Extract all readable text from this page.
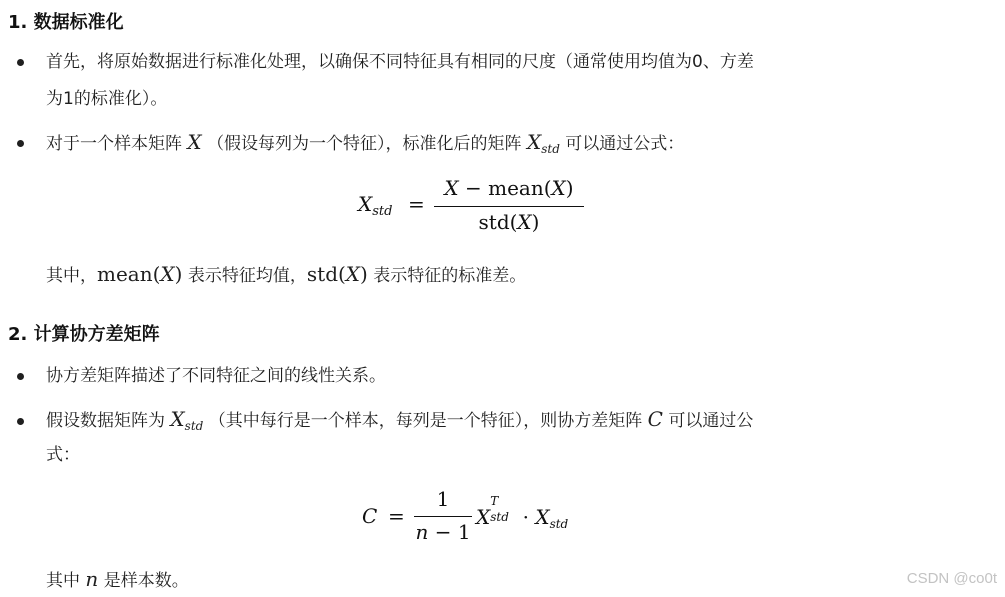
1. 数据标准化
首先，将原始数据进行标准化处理，以确保不同特征具有相同的尺度（通常使用均值为0、方差
为1的标准化）。
对于一个样本矩阵 X （假设每列为一个特征），标准化后的矩阵 $X_{std}$ 可以通过公式：
$X_{std}$ =
X − mean(X)
std(X)
其中，mean(X) 表示特征均值，std(X) 表示特征的标准差。
2. 计算协方差矩阵
协方差矩阵描述了不同特征之间的线性关系。
假设数据矩阵为 $X_{std}$ （其中每行是一个样本，每列是一个特征），则协方差矩阵 C 可以通过公
式：
C =
1
n − 1
X
T
std · $X_{std}$
其中 n 是样本数。	CSDN @co0t
